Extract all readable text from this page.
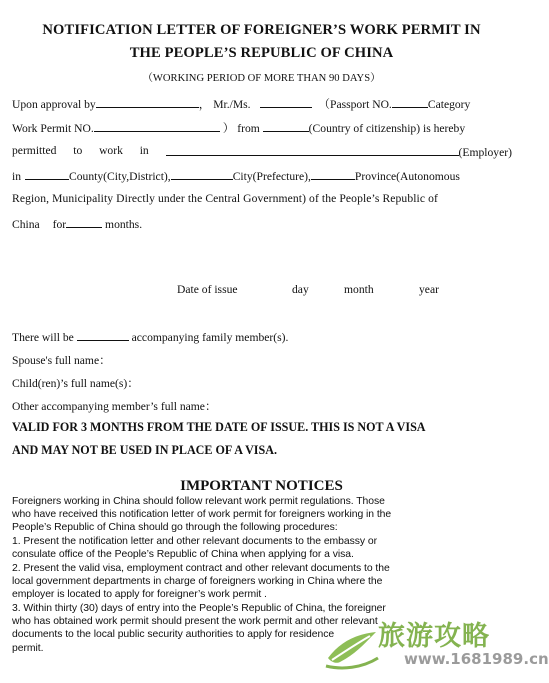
NOTIFICATION LETTER OF FOREIGNER’S WORK PERMIT IN
THE PEOPLE’S REPUBLIC OF CHINA
（WORKING PERIOD OF MORE THAN 90 DAYS）
Upon approval by	， Mr./Ms.	（Passport NO.	Category
Work Permit NO.	） from	(Country of citizenship) is hereby
permitted to work in	(Employer)
in	County(City,District),	City(Prefecture),	Province(Autonomous
Region, Municipality Directly under the Central Government) of the People’s Republic of
China for	months.
Date of issue	day	month	year
There will be	accompanying family member(s).
Spouse's full name：
Child(ren)’s full name(s)：
Other accompanying member’s full name：
VALID FOR 3 MONTHS FROM THE DATE OF ISSUE. THIS IS NOT A VISA
AND MAY NOT BE USED IN PLACE OF A VISA.
IMPORTANT NOTICES
Foreigners working in China should follow relevant work permit regulations. Those
who have received this notification letter of work permit for foreigners working in the
People’s Republic of China should go through the following procedures:
1. Present the notification letter and other relevant documents to the embassy or
consulate office of the People’s Republic of China when applying for a visa.
2. Present the valid visa, employment contract and other relevant documents to the
local government departments in charge of foreigners working in China where the
employer is located to apply for foreigner’s work permit .
3. Within thirty (30) days of entry into the People’s Republic of China, the foreigner
who has obtained work permit should present the work permit and other relevant
documents to the local public security authorities to apply for residence
permit.	旅游攻略
www.1681989.cn
